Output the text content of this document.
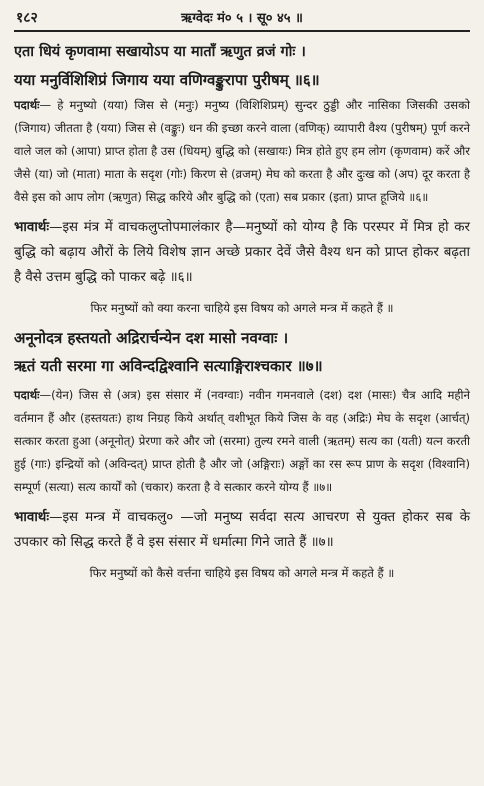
१८२	ऋग्वेदः मं० ५ । सू० ४५ ॥
एता धियं कृणवामा सखायोऽप या माताँ ऋणुत व्रजं गोः ।
यया मनुर्विशिशिप्रं जिगाय यया वणिग्वङ्कुरापा पुरीषम् ॥६॥
पदार्थः— हे मनुष्यो (यया) जिस से (मनुः) मनुष्य (विशिशिप्रम्) सुन्दर ठुड्डी और नासिका जिसकी उसको (जिगाय) जीतता है (यया) जिस से (वङ्कुः) धन की इच्छा करने वाला (वणिक्) व्यापारी वैश्य (पुरीषम्) पूर्ण करने वाले जल को (आपा) प्राप्त होता है उस (धियम्) बुद्धि को (सखायः) मित्र होते हुए हम लोग (कृणवाम) करें और जैसे (या) जो (माता) माता के सदृश (गोः) किरण से (व्रजम्) मेघ को करता है और दुःख को (अप) दूर करता है वैसे इस को आप लोग (ऋणुत) सिद्ध करिये और बुद्धि को (एता) सब प्रकार (इता) प्राप्त हूजिये ॥६॥
भावार्थः—इस मंत्र में वाचकलुप्तोपमालंकार है—मनुष्यों को योग्य है कि परस्पर में मित्र हो कर बुद्धि को बढ़ाय औरों के लिये विशेष ज्ञान अच्छे प्रकार देवें जैसे वैश्य धन को प्राप्त होकर बढ़ता है वैसे उत्तम बुद्धि को पाकर बढ़े ॥६॥
फिर मनुष्यों को क्या करना चाहिये इस विषय को अगले मन्त्र में कहते हैं ॥
अनूनोदत्र हस्तयतो अद्रिरार्चन्येन दश मासो नवग्वाः ।
ऋतं यती सरमा गा अविन्दद्विश्वानि सत्याङ्गिराश्चकार ॥७॥
पदार्थः—(येन) जिस से (अत्र) इस संसार में (नवग्वाः) नवीन गमनवाले (दश) दश (मासः) चैत्र आदि महीने वर्तमान हैं और (हस्तयतः) हाथ निग्रह किये अर्थात् वशीभूत किये जिस के वह (अद्रिः) मेघ के सदृश (आर्चत्) सत्कार करता हुआ (अनूनोत्) प्रेरणा करे और जो (सरमा) तुल्य रमने वाली (ऋतम्) सत्य का (यती) यत्न करती हुई (गाः) इन्द्रियों को (अविन्दत्) प्राप्त होती है और जो (अङ्गिराः) अङ्गों का रस रूप प्राण के सदृश (विश्वानि) सम्पूर्ण (सत्या) सत्य कार्यों को (चकार) करता है वे सत्कार करने योग्य हैं ॥७॥
भावार्थः—इस मन्त्र में वाचकलु० —जो मनुष्य सर्वदा सत्य आचरण से युक्त होकर सब के उपकार को सिद्ध करते हैं वे इस संसार में धर्मात्मा गिने जाते हैं ॥७॥
फिर मनुष्यों को कैसे वर्त्तना चाहिये इस विषय को अगले मन्त्र में कहते हैं ॥
